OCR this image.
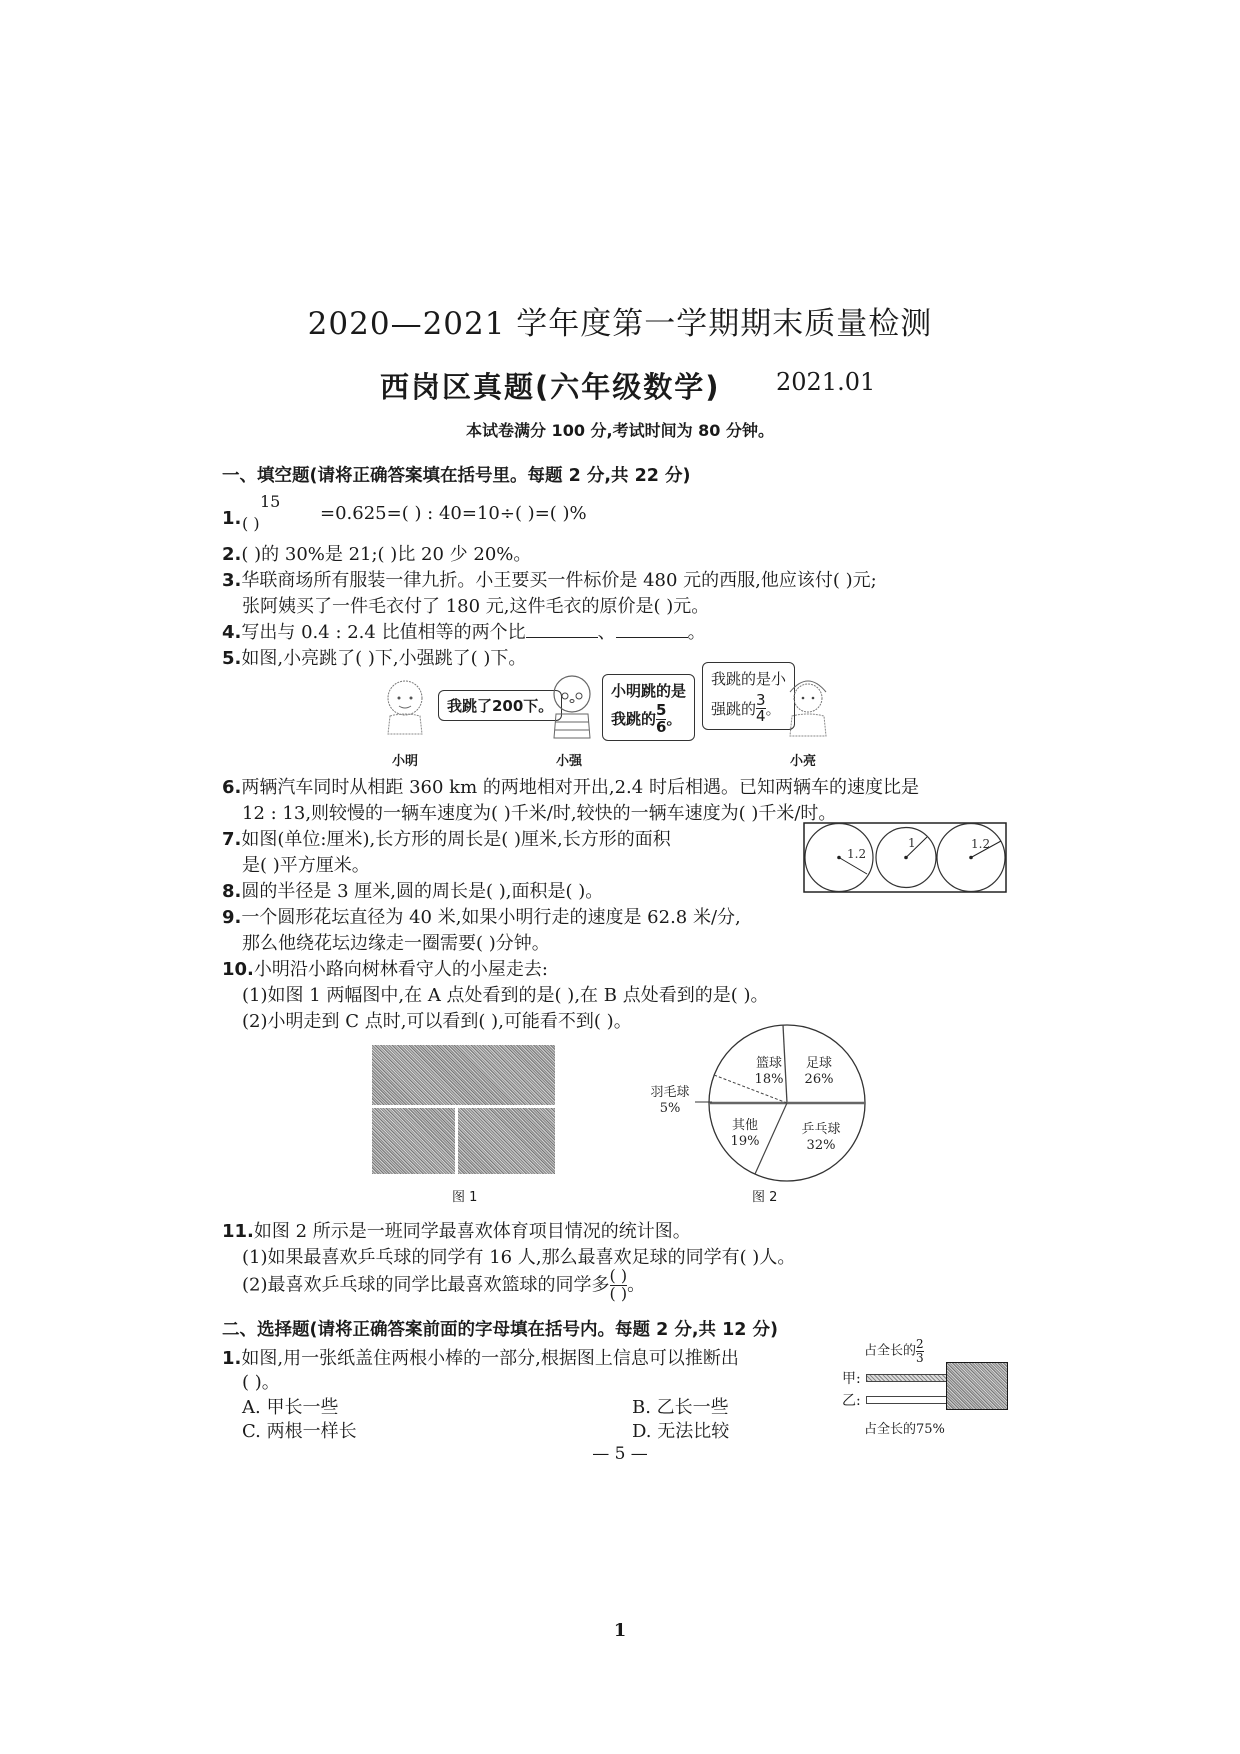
2020—2021 学年度第一学期期末质量检测
西岗区真题(六年级数学) 2021.01
本试卷满分 100 分,考试时间为 80 分钟。
一、填空题(请将正确答案填在括号里。每题 2 分,共 22 分)
1.
15
( )	=0.625=( ) : 40=10÷( )=( )%
2.( )的 30%是 21;( )比 20 少 20%。
3.华联商场所有服装一律九折。小王要买一件标价是 480 元的西服,他应该付( )元;
张阿姨买了一件毛衣付了 180 元,这件毛衣的原价是( )元。
4.写出与 0.4 : 2.4 比值相等的两个比	、	。
5.如图,小亮跳了( )下,小强跳了( )下。
我跳了200下。
小明
小明跳的是
我跳的 $\frac{5}{6}$ 。
小强
我跳的是小
强跳的 $\frac{3}{4}$ 。
小亮
6.两辆汽车同时从相距 360 km 的两地相对开出,2.4 时后相遇。已知两辆车的速度比是
12 : 13,则较慢的一辆车速度为( )千米/时,较快的一辆车速度为( )千米/时。
7.如图(单位:厘米),长方形的周长是( )厘米,长方形的面积
是( )平方厘米。
1.2
1	1.2
8.圆的半径是 3 厘米,圆的周长是( ),面积是( )。
9.一个圆形花坛直径为 40 米,如果小明行走的速度是 62.8 米/分,
那么他绕花坛边缘走一圈需要( )分钟。
10.小明沿小路向树林看守人的小屋走去:
(1)如图 1 两幅图中,在 A 点处看到的是( ),在 B 点处看到的是( )。
(2)小明走到 C 点时,可以看到( ),可能看不到( )。
图 1
篮球
18%
足球
26%
其他
19%
乒乓球
32%
羽毛球
5%
图 2
11.如图 2 所示是一班同学最喜欢体育项目情况的统计图。
(1)如果最喜欢乒乓球的同学有 16 人,那么最喜欢足球的同学有( )人。
(2)最喜欢乒乓球的同学比最喜欢篮球的同学多 $\frac{( )}{( )}$ 。
二、选择题(请将正确答案前面的字母填在括号内。每题 2 分,共 12 分)
1.如图,用一张纸盖住两根小棒的一部分,根据图上信息可以推断出
( )。
A. 甲长一些	B. 乙长一些
C. 两根一样长	D. 无法比较
占全长的 $\frac{2}{3}$
甲:
乙:
占全长的75%
— 5 —
1
